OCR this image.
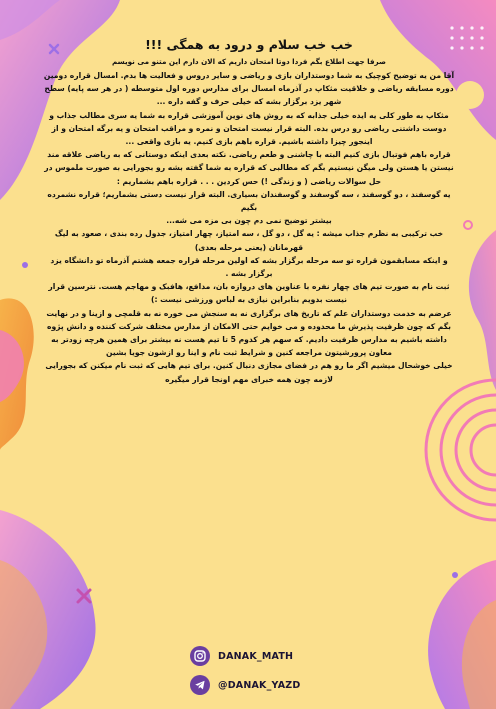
خب خب سلام و درود به همگی !!!
صرفا جهت اطلاع بگم فردا دوتا امتحان داریم که الان دارم این متنو می نویسم

آقا من یه توضیح کوچیک به شما دوستداران بازی و ریاضی و سایر دروس و فعالیت ها بدم. امسال قراره دومین دوره مسابقه ریاضی و خلاقیت مثکاپ در آذرماه امسال برای مدارس دوره اول متوسطه ( در هر سه پایه) سطح شهر یزد برگزار بشه که خیلی حرف و گفه داره ...

مثکاپ به طور کلی یه ایده خیلی جذابه که به روش های نوین آموزشی قراره به شما یه سری مطالب جذاب و دوست داشتنی ریاضی رو درس بده. البته قرار نیست امتحان و نمره و مراقب امتحان و یه برگه امتحان و از اینجور چیزا داشته باشیم. قراره باهم بازی کنیم. یه بازی واقعی ...

قراره باهم فوتبال بازی کنیم البته با چاشنی و طعم ریاضی. نکته بعدی اینکه دوستانی که به ریاضی علاقه مند نیستن یا هستن ولی میگن نیستیم بگم که مطالبی که قراره به شما گفته بشه رو بجورایی به صورت ملموس در حل سوالات ریاضی ( و زندگی !) حس کردین . . . قراره باهم بشماریم :

یه گوسفند ، دو گوسفند ، سه گوسفند و گوسفندان بسیاری. البته قرار نیست دستی بشماریم؛ قراره نشمرده بگیم

بیشتر توضیح نمی دم چون بی مزه می شه...

خب ترکیبی به نظرم جذاب میشه : یه گل ، دو گل ، سه امتیاز، چهار امتیاز، جدول رده بندی ، صعود به لیگ قهرمانان (یعنی مرحله بعدی)

و اینکه مسابقمون قراره تو سه مرحله برگزار بشه که اولین مرحله قراره جمعه هشتم آذرماه تو دانشگاه یزد برگزار بشه .

ثبت نام به صورت تیم های چهار نفره با عناوین های دروازه بان، مدافع، هافبک و مهاجم هست. نترسین قرار نیست بدویم بنابراین نیازی به لباس ورزشی نیست :)

عرضم به خدمت دوستداران علم که تاریخ های برگزاری نه به سنجش می خوره نه به قلمچی و ازینا و در نهایت بگم که چون ظرفیت پذیرش ما محدوده و می خوایم حتی الامکان از مدارس مختلف شرکت کننده و دانش پژوه داشته باشیم به مدارس ظرفیت دادیم. که سهم هر کدوم 5 تا تیم هست نه بیشتر برای همین هرچه زودتر به معاون پرورشیتون مراجعه کنین و شرایط ثبت نام و اینا رو ازشون جویا بشین

خیلی خوشحال میشیم اگر ما رو هم در فضای مجازی دنبال کنین. برای تیم هایی که ثبت نام میکنن که بجورایی لازمه چون همه خبرای مهم اونجا قرار میگیره

DANAK_MATH
@DANAK_YAZD
